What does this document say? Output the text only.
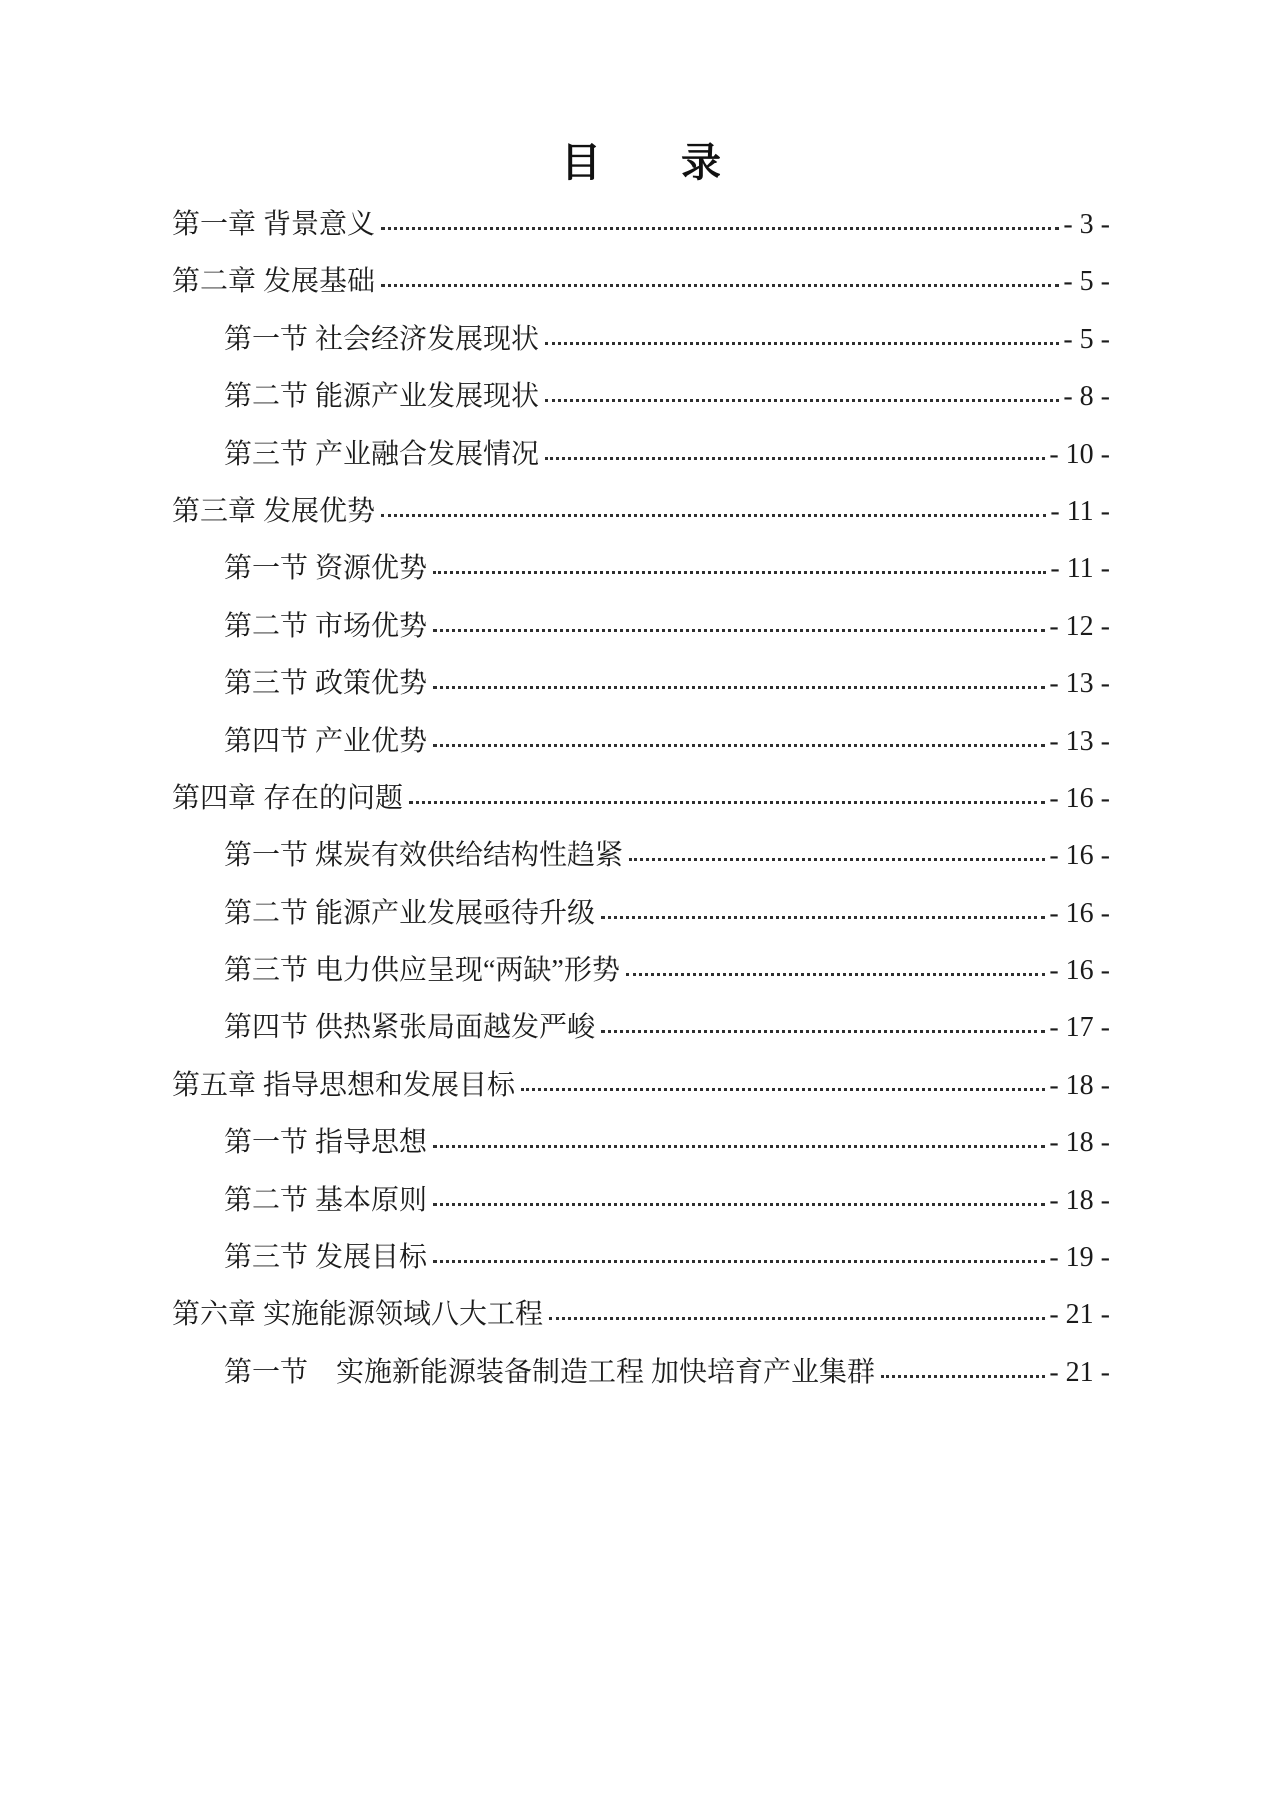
目　　录
第一章 背景意义	- 3 -
第二章 发展基础	- 5 -
第一节 社会经济发展现状	- 5 -
第二节 能源产业发展现状	- 8 -
第三节 产业融合发展情况	- 10 -
第三章 发展优势	- 11 -
第一节 资源优势	- 11 -
第二节 市场优势	- 12 -
第三节 政策优势	- 13 -
第四节 产业优势	- 13 -
第四章 存在的问题	- 16 -
第一节 煤炭有效供给结构性趋紧	- 16 -
第二节 能源产业发展亟待升级	- 16 -
第三节 电力供应呈现“两缺”形势	- 16 -
第四节 供热紧张局面越发严峻	- 17 -
第五章 指导思想和发展目标	- 18 -
第一节 指导思想	- 18 -
第二节 基本原则	- 18 -
第三节 发展目标	- 19 -
第六章 实施能源领域八大工程	- 21 -
第一节　实施新能源装备制造工程 加快培育产业集群	- 21 -
